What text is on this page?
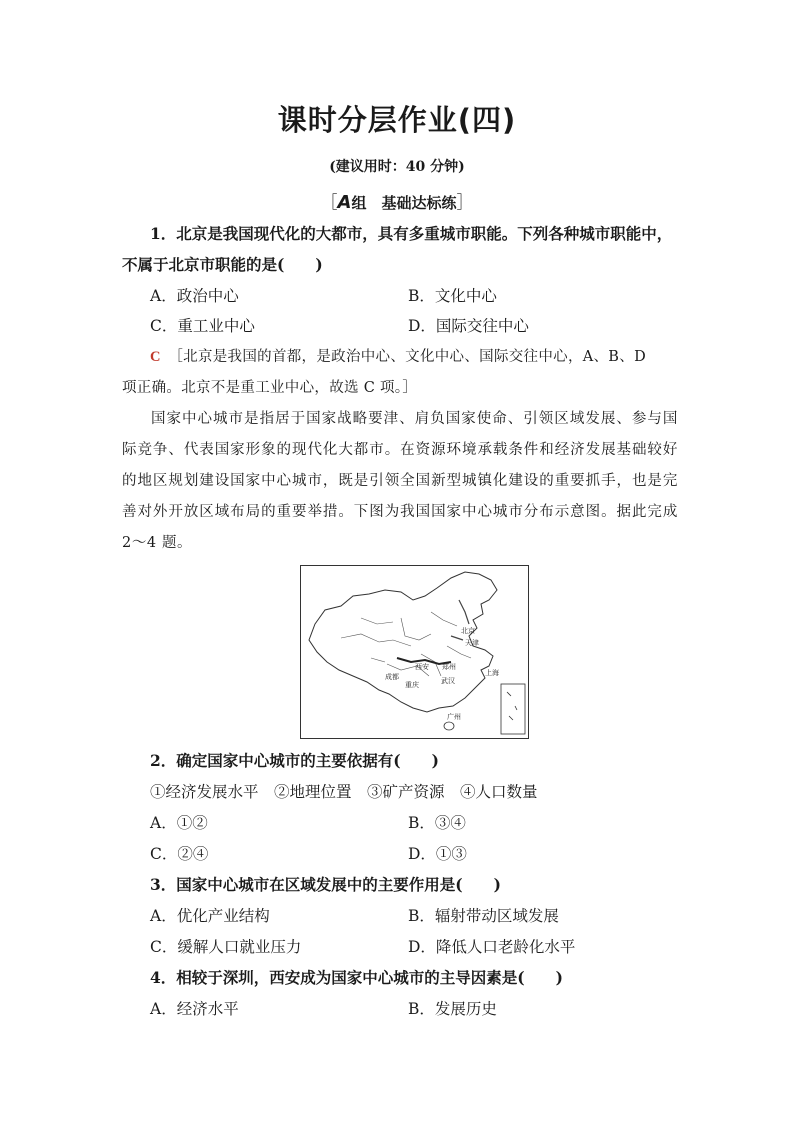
课时分层作业(四)
(建议用时：40 分钟)
［A组　基础达标练］
1．北京是我国现代化的大都市，具有多重城市职能。下列各种城市职能中，
不属于北京市职能的是(　　)
A．政治中心	B．文化中心
C．重工业中心	D．国际交往中心
C　 ［北京是我国的首都，是政治中心、文化中心、国际交往中心，A、B、D
项正确。北京不是重工业中心，故选 C 项。］
国家中心城市是指居于国家战略要津、肩负国家使命、引领区域发展、参与国际竞争、代表国家形象的现代化大都市。在资源环境承载条件和经济发展基础较好的地区规划建设国家中心城市，既是引领全国新型城镇化建设的重要抓手，也是完善对外开放区域布局的重要举措。下图为我国国家中心城市分布示意图。据此完成 2～4 题。
北京
天津
郑州
西安
成都
重庆	武汉
上海
广州
2．确定国家中心城市的主要依据有(　　)
①经济发展水平　②地理位置　③矿产资源　④人口数量
A．①②	B．③④
C．②④	D．①③
3．国家中心城市在区域发展中的主要作用是(　　)
A．优化产业结构	B．辐射带动区域发展
C．缓解人口就业压力	D．降低人口老龄化水平
4．相较于深圳，西安成为国家中心城市的主导因素是(　　)
A．经济水平	B．发展历史
